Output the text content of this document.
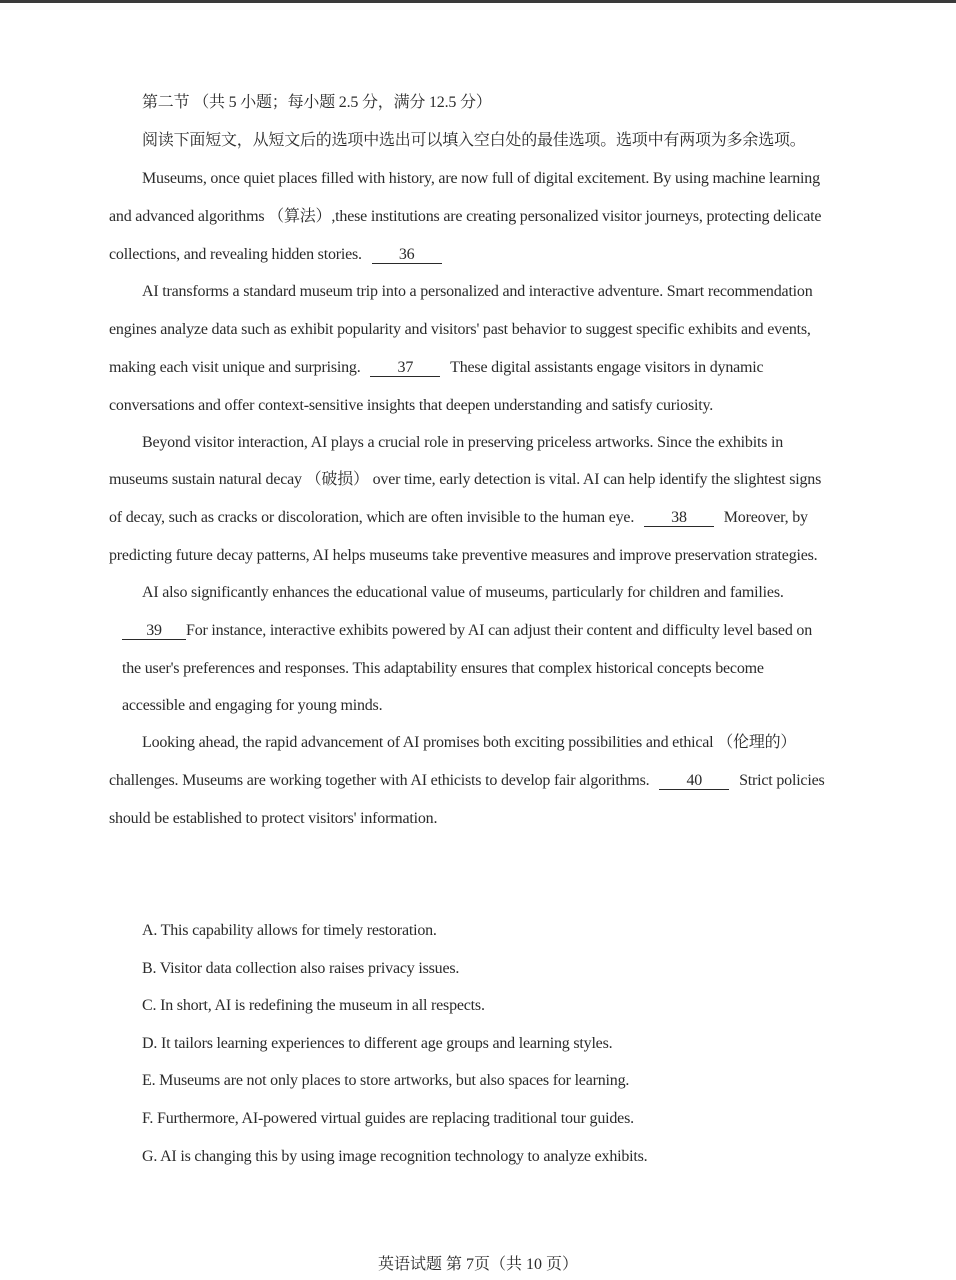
第二节 （共 5 小题；每小题 2.5 分，满分 12.5 分）
阅读下面短文，从短文后的选项中选出可以填入空白处的最佳选项。选项中有两项为多余选项。
Museums, once quiet places filled with history, are now full of digital excitement. By using machine learning
and advanced algorithms （算法）,these institutions are creating personalized visitor journeys, protecting delicate
collections, and revealing hidden stories. 36
AI transforms a standard museum trip into a personalized and interactive adventure. Smart recommendation
engines analyze data such as exhibit popularity and visitors' past behavior to suggest specific exhibits and events,
making each visit unique and surprising. 37 These digital assistants engage visitors in dynamic
conversations and offer context-sensitive insights that deepen understanding and satisfy curiosity.
Beyond visitor interaction, AI plays a crucial role in preserving priceless artworks. Since the exhibits in
museums sustain natural decay （破损） over time, early detection is vital. AI can help identify the slightest signs
of decay, such as cracks or discoloration, which are often invisible to the human eye. 38 Moreover, by
predicting future decay patterns, AI helps museums take preventive measures and improve preservation strategies.
AI also significantly enhances the educational value of museums, particularly for children and families.
39 For instance, interactive exhibits powered by AI can adjust their content and difficulty level based on
the user's preferences and responses. This adaptability ensures that complex historical concepts become
accessible and engaging for young minds.
Looking ahead, the rapid advancement of AI promises both exciting possibilities and ethical （伦理的）
challenges. Museums are working together with AI ethicists to develop fair algorithms. 40 Strict policies
should be established to protect visitors' information.
A. This capability allows for timely restoration.
B. Visitor data collection also raises privacy issues.
C. In short, AI is redefining the museum in all respects.
D. It tailors learning experiences to different age groups and learning styles.
E. Museums are not only places to store artworks, but also spaces for learning.
F. Furthermore, AI-powered virtual guides are replacing traditional tour guides.
G. AI is changing this by using image recognition technology to analyze exhibits.
英语试题 第 7页（共 10 页）
